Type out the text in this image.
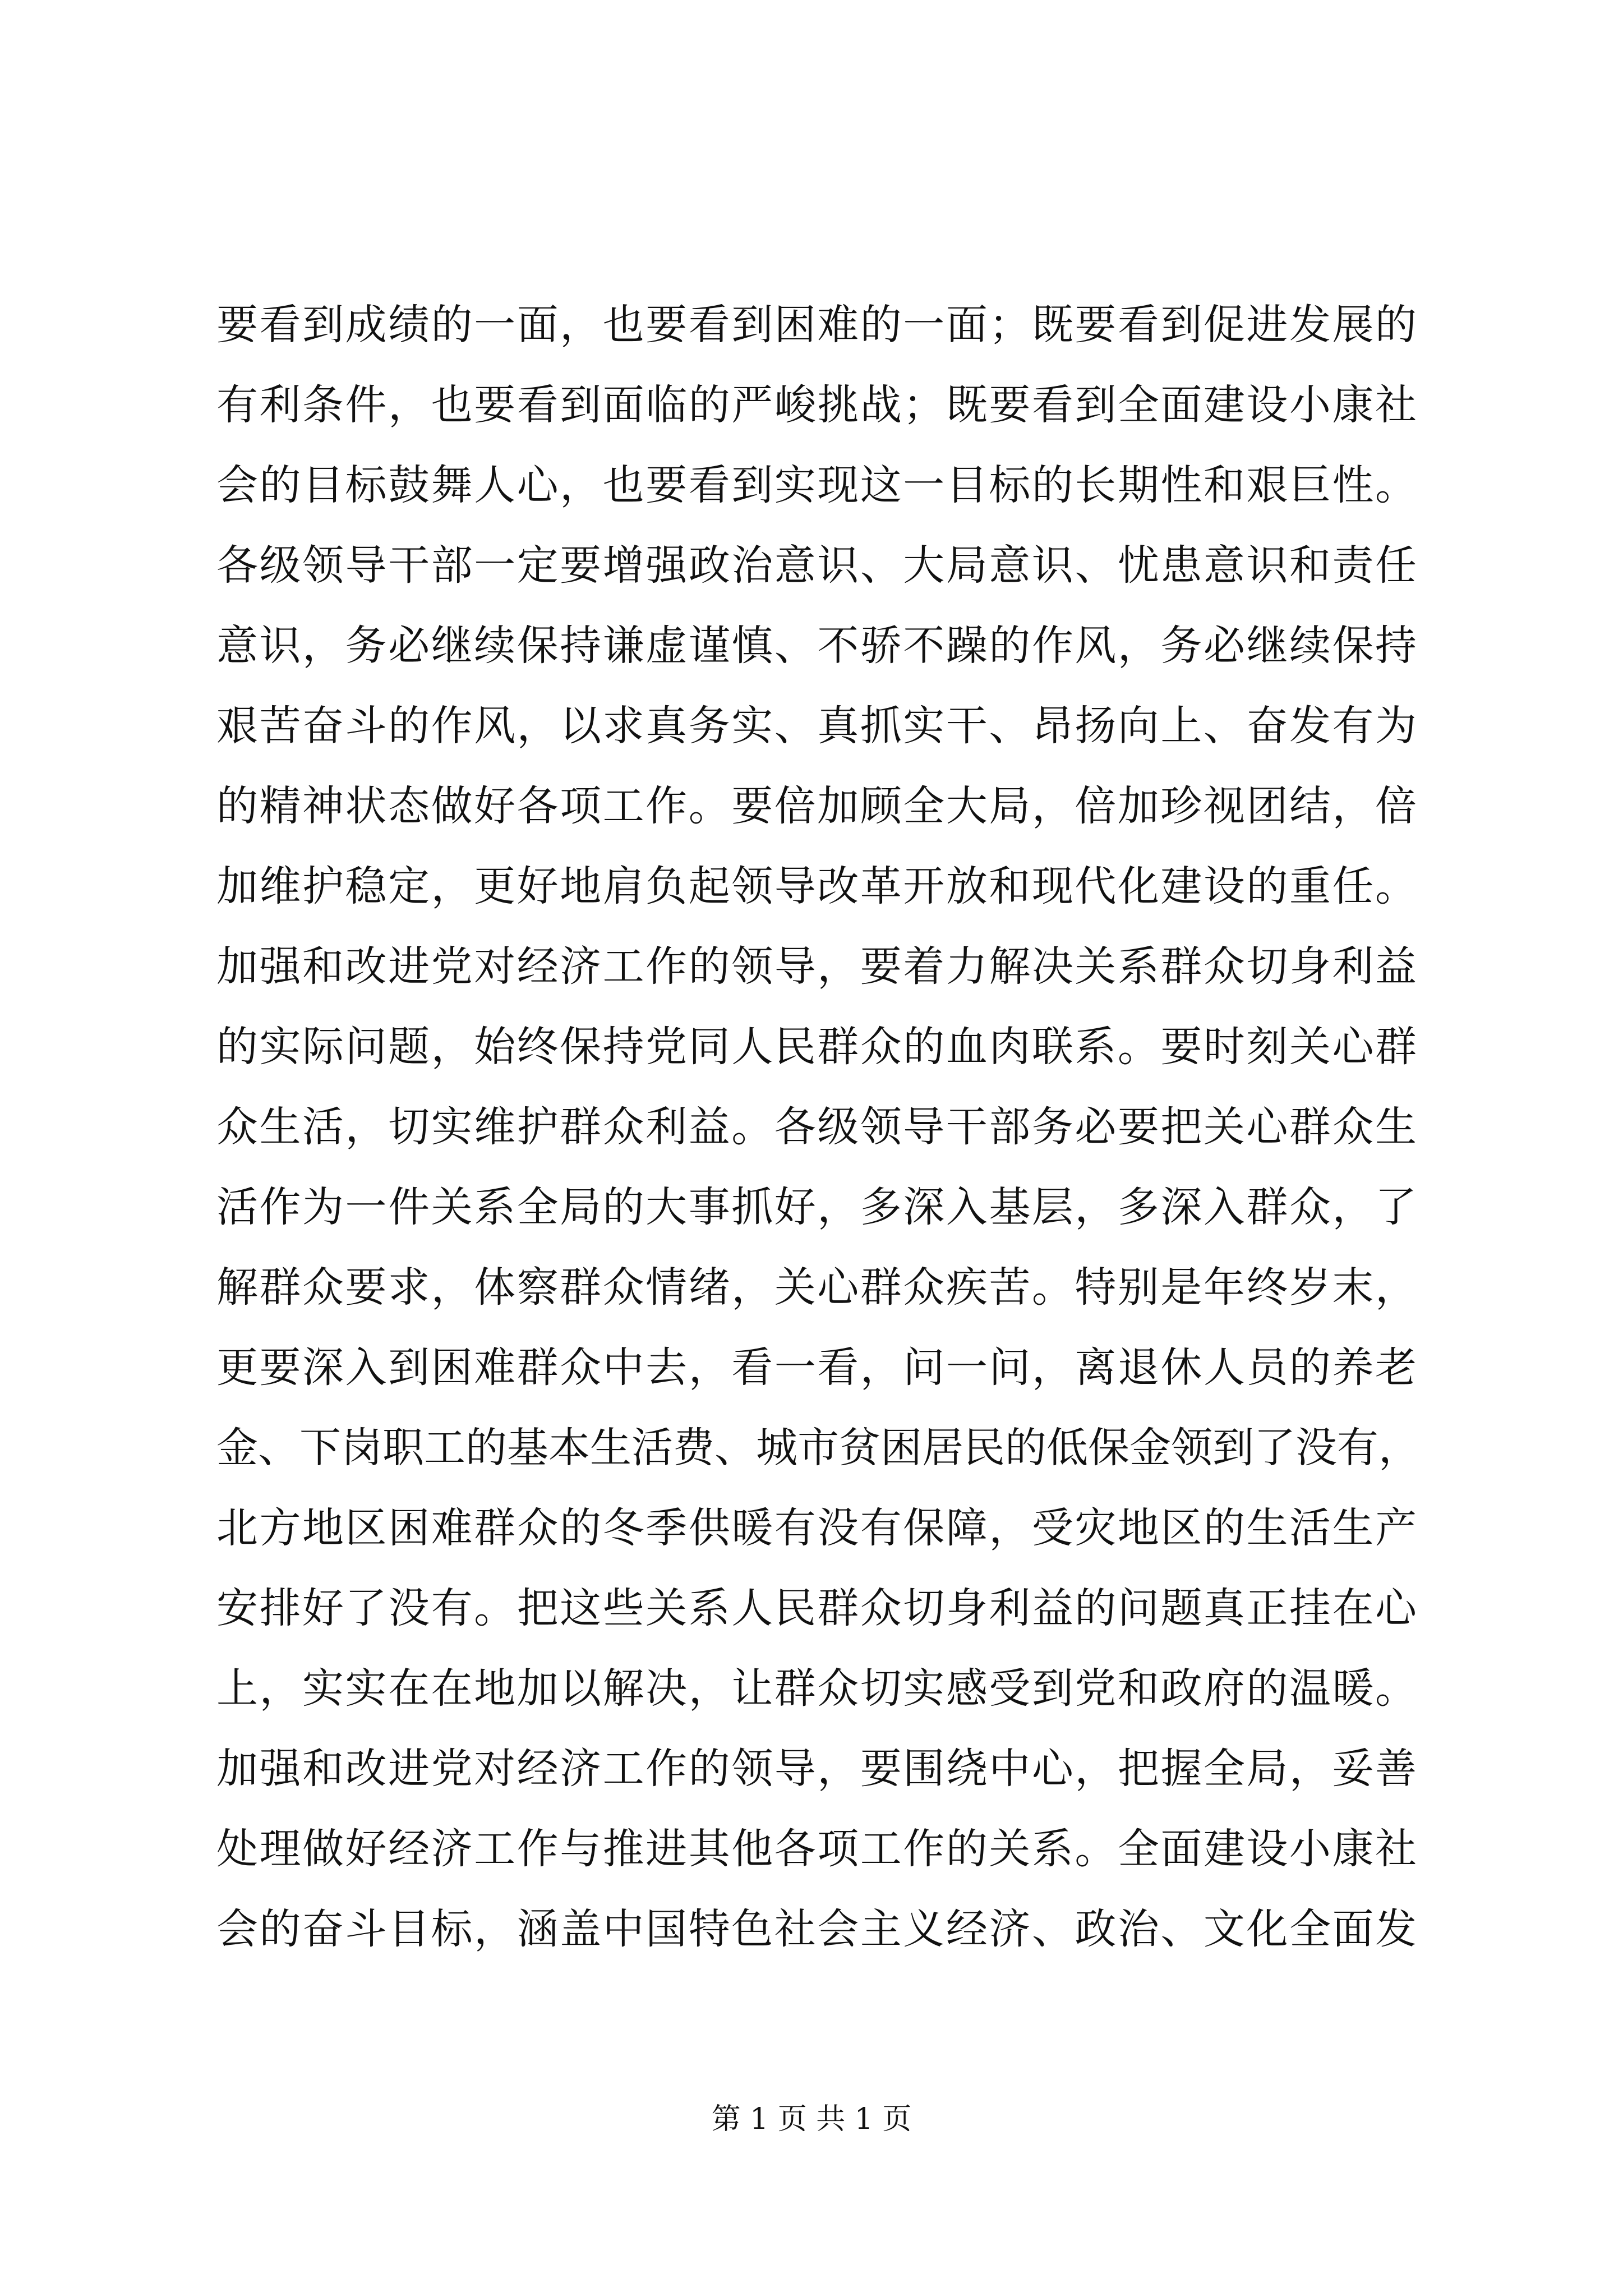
要看到成绩的一面，也要看到困难的一面；既要看到促进发展的
有利条件，也要看到面临的严峻挑战；既要看到全面建设小康社
会的目标鼓舞人心，也要看到实现这一目标的长期性和艰巨性。
各级领导干部一定要增强政治意识、大局意识、忧患意识和责任
意识，务必继续保持谦虚谨慎、不骄不躁的作风，务必继续保持
艰苦奋斗的作风，以求真务实、真抓实干、昂扬向上、奋发有为
的精神状态做好各项工作。要倍加顾全大局，倍加珍视团结，倍
加维护稳定，更好地肩负起领导改革开放和现代化建设的重任。
加强和改进党对经济工作的领导，要着力解决关系群众切身利益
的实际问题，始终保持党同人民群众的血肉联系。要时刻关心群
众生活，切实维护群众利益。各级领导干部务必要把关心群众生
活作为一件关系全局的大事抓好，多深入基层，多深入群众，了
解群众要求，体察群众情绪，关心群众疾苦。特别是年终岁末，
更要深入到困难群众中去，看一看，问一问，离退休人员的养老
金、下岗职工的基本生活费、城市贫困居民的低保金领到了没有，
北方地区困难群众的冬季供暖有没有保障，受灾地区的生活生产
安排好了没有。把这些关系人民群众切身利益的问题真正挂在心
上，实实在在地加以解决，让群众切实感受到党和政府的温暖。
加强和改进党对经济工作的领导，要围绕中心，把握全局，妥善
处理做好经济工作与推进其他各项工作的关系。全面建设小康社
会的奋斗目标，涵盖中国特色社会主义经济、政治、文化全面发
第 1 页 共 1 页
